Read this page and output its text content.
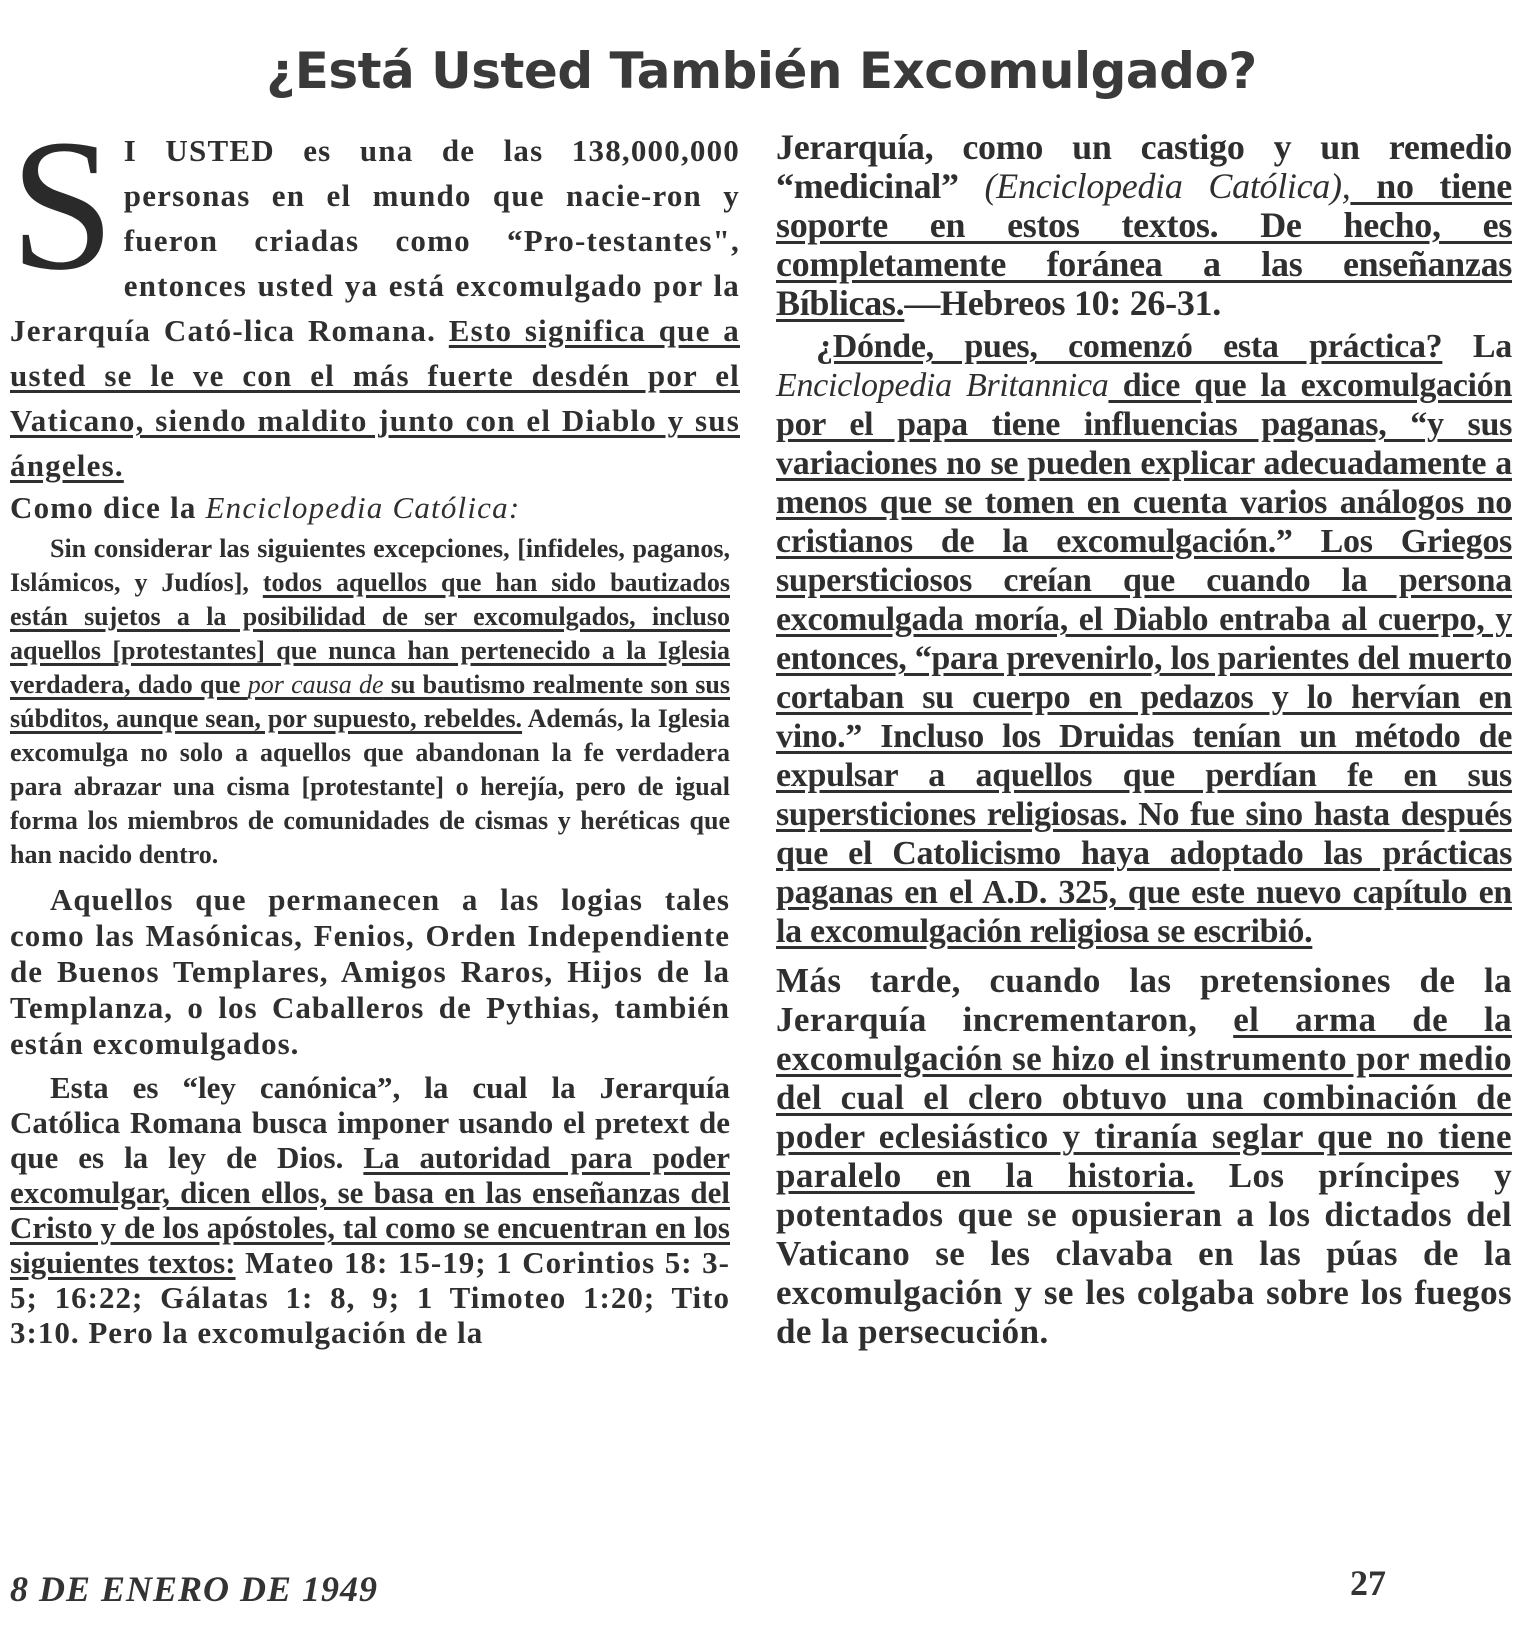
¿Está Usted También Excomulgado?

S I USTED es una de las 138,000,000 personas en el mundo que nacie-ron y fueron criadas como “Pro-testantes", entonces usted ya está excomulgado por la Jerarquía Cató-lica Romana. Esto significa que a usted se le ve con el más fuerte desdén por el Vaticano, siendo maldito junto con el Diablo y sus ángeles.

Como dice la Enciclopedia Católica:

Sin considerar las siguientes excepciones, [infideles, paganos, Islámicos, y Judíos], todos aquellos que han sido bautizados están sujetos a la posibilidad de ser excomulgados, incluso aquellos [protestantes] que nunca han pertenecido a la Iglesia verdadera, dado que por causa de su bautismo realmente son sus súbditos, aunque sean, por supuesto, rebeldes. Además, la Iglesia excomulga no solo a aquellos que abandonan la fe verdadera para abrazar una cisma [protestante] o herejía, pero de igual forma los miembros de comunidades de cismas y heréticas que han nacido dentro.

Aquellos que permanecen a las logias tales como las Masónicas, Fenios, Orden Independiente de Buenos Templares, Amigos Raros, Hijos de la Templanza, o los Caballeros de Pythias, también están excomulgados.

Esta es “ley canónica”, la cual la Jerarquía Católica Romana busca imponer usando el pretext de que es la ley de Dios. La autoridad para poder excomulgar, dicen ellos, se basa en las enseñanzas del Cristo y de los apóstoles, tal como se encuentran en los siguientes textos: Mateo 18: 15-19; 1 Corintios 5: 3-5; 16:22; Gálatas 1: 8, 9; 1 Timoteo 1:20; Tito 3:10. Pero la excomulgación de la

Jerarquía, como un castigo y un remedio “medicinal” (Enciclopedia Católica), no tiene soporte en estos textos. De hecho, es completamente foránea a las enseñanzas Bíblicas.—Hebreos 10: 26-31.

¿Dónde, pues, comenzó esta práctica? La Enciclopedia Britannica dice que la excomulgación por el papa tiene influencias paganas, “y sus variaciones no se pueden explicar adecuadamente a menos que se tomen en cuenta varios análogos no cristianos de la excomulgación.” Los Griegos supersticiosos creían que cuando la persona excomulgada moría, el Diablo entraba al cuerpo, y entonces, “para prevenirlo, los parientes del muerto cortaban su cuerpo en pedazos y lo hervían en vino.” Incluso los Druidas tenían un método de expulsar a aquellos que perdían fe en sus supersticiones religiosas. No fue sino hasta después que el Catolicismo haya adoptado las prácticas paganas en el A.D. 325, que este nuevo capítulo en la excomulgación religiosa se escribió.

Más tarde, cuando las pretensiones de la Jerarquía incrementaron, el arma de la excomulgación se hizo el instrumento por medio del cual el clero obtuvo una combinación de poder eclesiástico y tiranía seglar que no tiene paralelo en la historia. Los príncipes y potentados que se opusieran a los dictados del Vaticano se les clavaba en las púas de la excomulgación y se les colgaba sobre los fuegos de la persecución.

8 DE ENERO DE 1949	27
